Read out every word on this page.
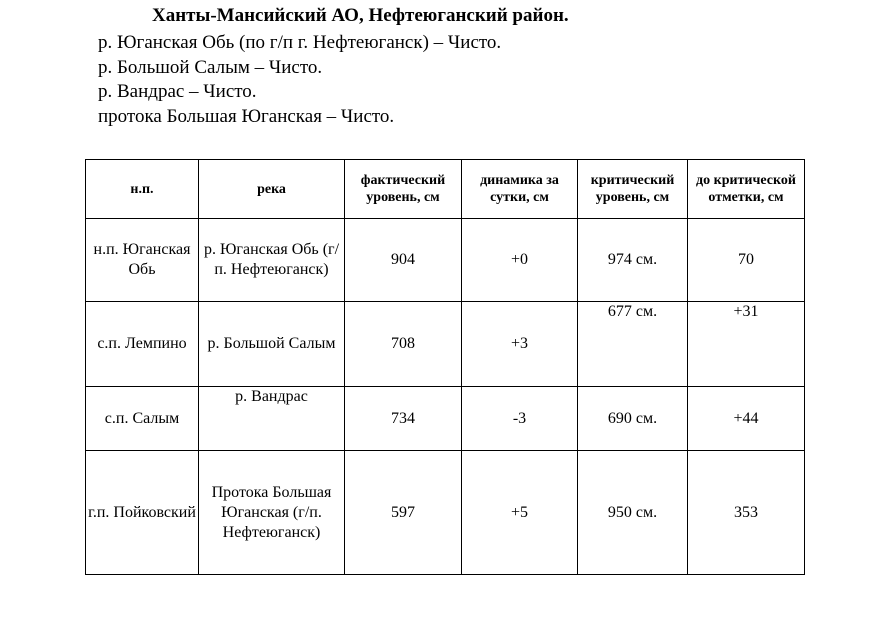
Ханты-Мансийский АО, Нефтеюганский район.
р. Юганская Обь (по г/п г. Нефтеюганск) – Чисто.
р. Большой Салым – Чисто.
р. Вандрас – Чисто.
протока Большая Юганская – Чисто.
н.п.	река	фактический уровень, см	динамика за сутки, см	критический уровень, см	до критической отметки, см
н.п. Юганская Обь	р. Юганская Обь (г/п. Нефтеюганск)	904	+0	974 см.	70
с.п. Лемпино	р. Большой Салым	708	+3	677 см.	+31
с.п. Салым	р. Вандрас	734	-3	690 см.	+44
г.п. Пойковский	Протока Большая Юганская (г/п. Нефтеюганск)	597	+5	950 см.	353
